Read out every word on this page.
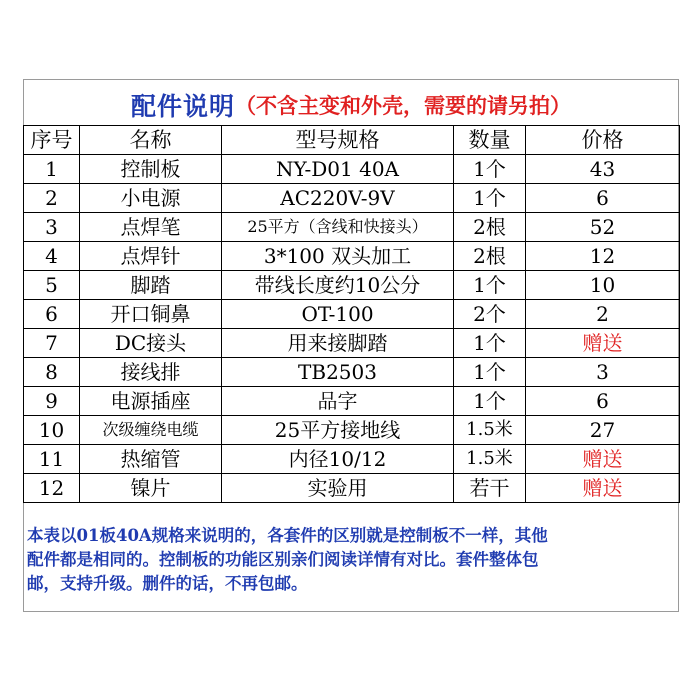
配件说明 （不含主变和外壳，需要的请另拍）
序号	名称	型号规格	数量	价格
1	控制板	NY-D01 40A	1个	43
2	小电源	AC220V-9V	1个	6
3	点焊笔	25平方（含线和快接头）	2根	52
4	点焊针	3*100 双头加工	2根	12
5	脚踏	带线长度约10公分	1个	10
6	开口铜鼻	OT-100	2个	2
7	DC接头	用来接脚踏	1个	赠送
8	接线排	TB2503	1个	3
9	电源插座	品字	1个	6
10	次级缠绕电缆	25平方接地线	1.5米	27
11	热缩管	内径10/12	1.5米	赠送
12	镍片	实验用	若干	赠送
本表以01板40A规格来说明的，各套件的区别就是控制板不一样，其他
配件都是相同的。控制板的功能区别亲们阅读详情有对比。套件整体包
邮，支持升级。删件的话，不再包邮。
